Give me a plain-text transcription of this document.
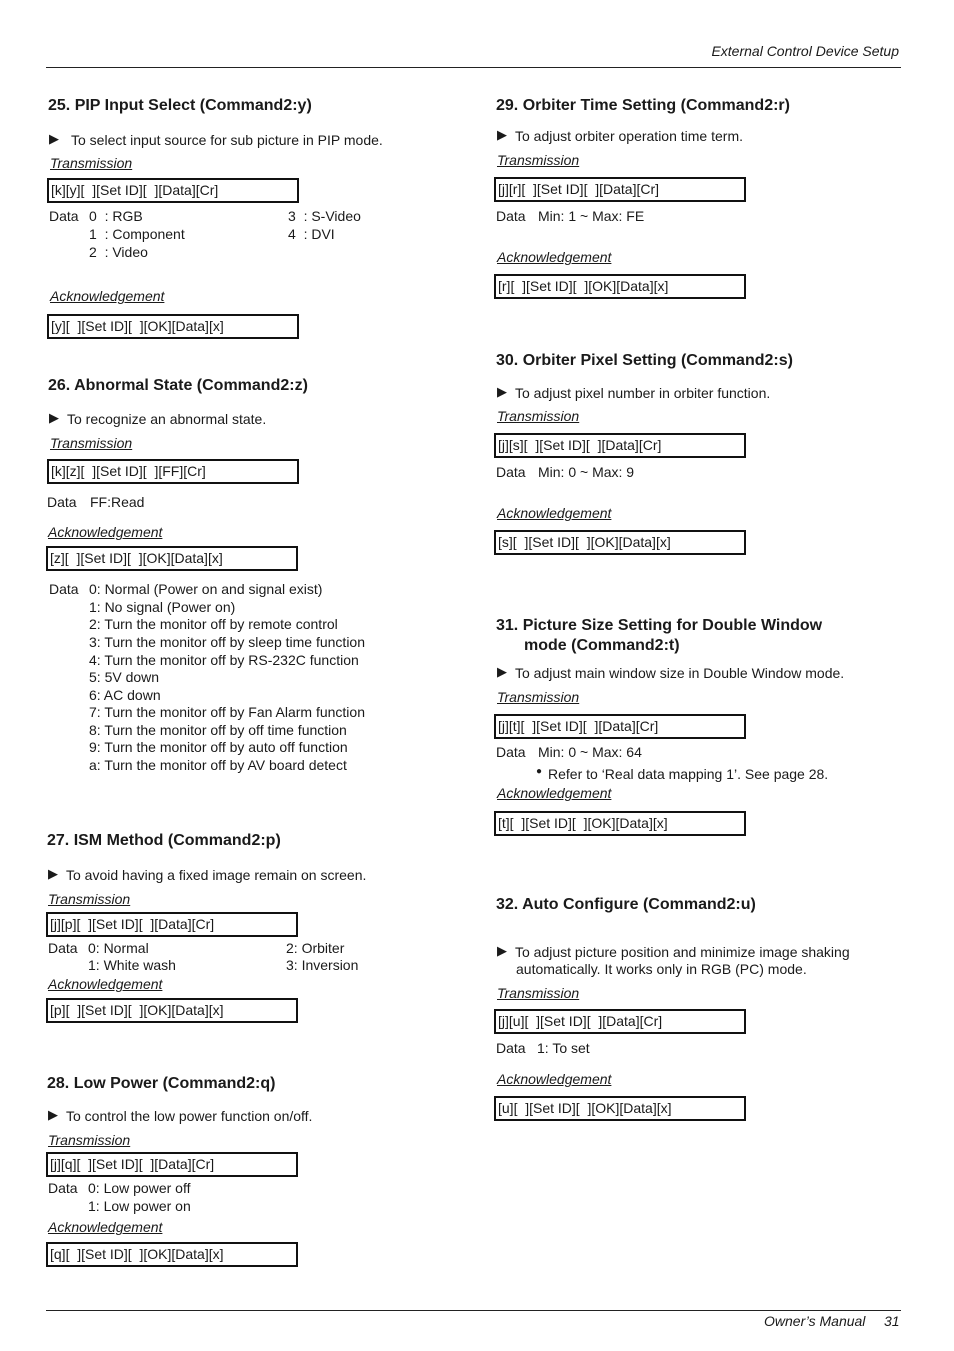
External Control Device Setup
25. PIP Input Select (Command2:y)
▶ To select input source for sub picture in PIP mode.
Transmission
[k][y][  ][Set ID][  ][Data][Cr]
Data 0  : RGB
1  : Component
2  : Video
3  : S-Video
4  : DVI
Acknowledgement
[y][  ][Set ID][  ][OK][Data][x]
26. Abnormal State (Command2:z)
▶ To recognize an abnormal state.
Transmission
[k][z][  ][Set ID][  ][FF][Cr]
Data FF:Read
Acknowledgement
[z][  ][Set ID][  ][OK][Data][x]
Data 0: Normal (Power on and signal exist)
1: No signal (Power on)
2: Turn the monitor off by remote control
3: Turn the monitor off by sleep time function
4: Turn the monitor off by RS-232C function
5: 5V down
6: AC down
7: Turn the monitor off by Fan Alarm function
8: Turn the monitor off by off time function
9: Turn the monitor off by auto off function
a: Turn the monitor off by AV board detect
27. ISM Method (Command2:p)
▶ To avoid having a fixed image remain on screen.
Transmission
[j][p][  ][Set ID][  ][Data][Cr]
Data 0: Normal
1: White wash
2: Orbiter
3: Inversion
Acknowledgement
[p][  ][Set ID][  ][OK][Data][x]
28. Low Power (Command2:q)
▶ To control the low power function on/off.
Transmission
[j][q][  ][Set ID][  ][Data][Cr]
Data 0: Low power off
1: Low power on
Acknowledgement
[q][  ][Set ID][  ][OK][Data][x]
29. Orbiter Time Setting (Command2:r)
▶ To adjust orbiter operation time term.
Transmission
[j][r][  ][Set ID][  ][Data][Cr]
Data Min: 1 ~ Max: FE
Acknowledgement
[r][  ][Set ID][  ][OK][Data][x]
30. Orbiter Pixel Setting (Command2:s)
▶ To adjust pixel number in orbiter function.
Transmission
[j][s][  ][Set ID][  ][Data][Cr]
Data Min: 0 ~ Max: 9
Acknowledgement
[s][  ][Set ID][  ][OK][Data][x]
31. Picture Size Setting for Double Window
mode (Command2:t)
▶ To adjust main window size in Double Window mode.
Transmission
[j][t][  ][Set ID][  ][Data][Cr]
Data Min: 0 ~ Max: 64
● Refer to ‘Real data mapping 1’. See page 28.
Acknowledgement
[t][  ][Set ID][  ][OK][Data][x]
32. Auto Configure (Command2:u)
▶ To adjust picture position and minimize image shaking
automatically. It works only in RGB (PC) mode.
Transmission
[j][u][  ][Set ID][  ][Data][Cr]
Data 1: To set
Acknowledgement
[u][  ][Set ID][  ][OK][Data][x]
Owner’s Manual 31
